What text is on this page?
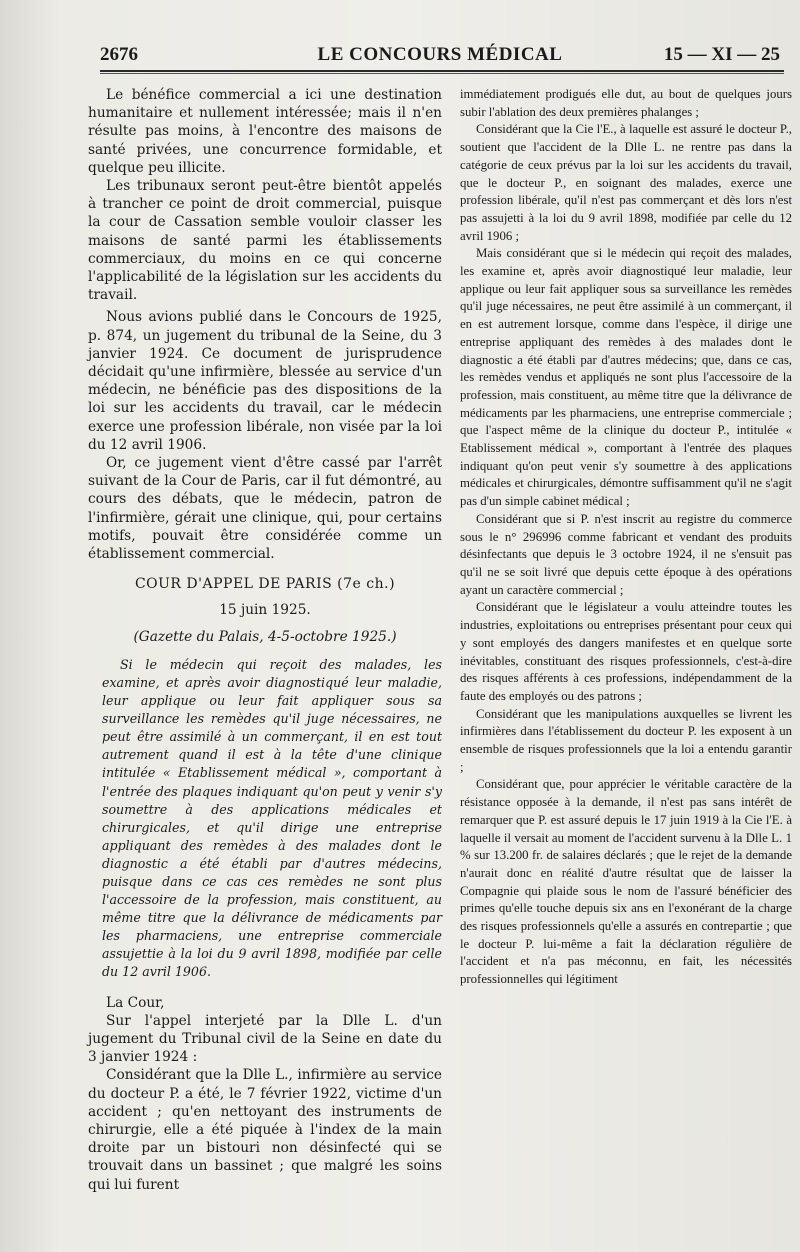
2676	LE CONCOURS MÉDICAL	15 — XI — 25

Le bénéfice commercial a ici une destination humanitaire et nullement intéressée; mais il n'en résulte pas moins, à l'encontre des maisons de santé privées, une concurrence formidable, et quelque peu illicite.

Les tribunaux seront peut-être bientôt appelés à trancher ce point de droit commercial, puisque la cour de Cassation semble vouloir classer les maisons de santé parmi les établissements commerciaux, du moins en ce qui concerne l'applicabilité de la législation sur les accidents du travail.

Nous avions publié dans le Concours de 1925, p. 874, un jugement du tribunal de la Seine, du 3 janvier 1924. Ce document de jurisprudence décidait qu'une infirmière, blessée au service d'un médecin, ne bénéficie pas des dispositions de la loi sur les accidents du travail, car le médecin exerce une profession libérale, non visée par la loi du 12 avril 1906.

Or, ce jugement vient d'être cassé par l'arrêt suivant de la Cour de Paris, car il fut démontré, au cours des débats, que le médecin, patron de l'infirmière, gérait une clinique, qui, pour certains motifs, pouvait être considérée comme un établissement commercial.

COUR D'APPEL DE PARIS (7e ch.)

15 juin 1925.

(Gazette du Palais, 4-5-octobre 1925.)

Si le médecin qui reçoit des malades, les examine, et après avoir diagnostiqué leur maladie, leur applique ou leur fait appliquer sous sa surveillance les remèdes qu'il juge nécessaires, ne peut être assimilé à un commerçant, il en est tout autrement quand il est à la tête d'une clinique intitulée « Etablissement médical », comportant à l'entrée des plaques indiquant qu'on peut y venir s'y soumettre à des applications médicales et chirurgicales, et qu'il dirige une entreprise appliquant des remèdes à des malades dont le diagnostic a été établi par d'autres médecins, puisque dans ce cas ces remèdes ne sont plus l'accessoire de la profession, mais constituent, au même titre que la délivrance de médicaments par les pharmaciens, une entreprise commerciale assujettie à la loi du 9 avril 1898, modifiée par celle du 12 avril 1906.

La Cour,

Sur l'appel interjeté par la Dlle L. d'un jugement du Tribunal civil de la Seine en date du 3 janvier 1924 :

Considérant que la Dlle L., infirmière au service du docteur P. a été, le 7 février 1922, victime d'un accident ; qu'en nettoyant des instruments de chirurgie, elle a été piquée à l'index de la main droite par un bistouri non désinfecté qui se trouvait dans un bassinet ; que malgré les soins qui lui furent

immédiatement prodigués elle dut, au bout de quelques jours subir l'ablation des deux premières phalanges ;

Considérant que la Cie l'E., à laquelle est assuré le docteur P., soutient que l'accident de la Dlle L. ne rentre pas dans la catégorie de ceux prévus par la loi sur les accidents du travail, que le docteur P., en soignant des malades, exerce une profession libérale, qu'il n'est pas commerçant et dès lors n'est pas assujetti à la loi du 9 avril 1898, modifiée par celle du 12 avril 1906 ;

Mais considérant que si le médecin qui reçoit des malades, les examine et, après avoir diagnostiqué leur maladie, leur applique ou leur fait appliquer sous sa surveillance les remèdes qu'il juge nécessaires, ne peut être assimilé à un commerçant, il en est autrement lorsque, comme dans l'espèce, il dirige une entreprise appliquant des remèdes à des malades dont le diagnostic a été établi par d'autres médecins; que, dans ce cas, les remèdes vendus et appliqués ne sont plus l'accessoire de la profession, mais constituent, au même titre que la délivrance de médicaments par les pharmaciens, une entreprise commerciale ; que l'aspect même de la clinique du docteur P., intitulée « Etablissement médical », comportant à l'entrée des plaques indiquant qu'on peut venir s'y soumettre à des applications médicales et chirurgicales, démontre suffisamment qu'il ne s'agit pas d'un simple cabinet médical ;

Considérant que si P. n'est inscrit au registre du commerce sous le n° 296996 comme fabricant et vendant des produits désinfectants que depuis le 3 octobre 1924, il ne s'ensuit pas qu'il ne se soit livré que depuis cette époque à des opérations ayant un caractère commercial ;

Considérant que le législateur a voulu atteindre toutes les industries, exploitations ou entreprises présentant pour ceux qui y sont employés des dangers manifestes et en quelque sorte inévitables, constituant des risques professionnels, c'est-à-dire des risques afférents à ces professions, indépendamment de la faute des employés ou des patrons ;

Considérant que les manipulations auxquelles se livrent les infirmières dans l'établissement du docteur P. les exposent à un ensemble de risques professionnels que la loi a entendu garantir ;

Considérant que, pour apprécier le véritable caractère de la résistance opposée à la demande, il n'est pas sans intérêt de remarquer que P. est assuré depuis le 17 juin 1919 à la Cie l'E. à laquelle il versait au moment de l'accident survenu à la Dlle L. 1 % sur 13.200 fr. de salaires déclarés ; que le rejet de la demande n'aurait donc en réalité d'autre résultat que de laisser la Compagnie qui plaide sous le nom de l'assuré bénéficier des primes qu'elle touche depuis six ans en l'exonérant de la charge des risques professionnels qu'elle a assurés en contrepartie ; que le docteur P. lui-même a fait la déclaration régulière de l'accident et n'a pas méconnu, en fait, les nécessités professionnelles qui légitiment
